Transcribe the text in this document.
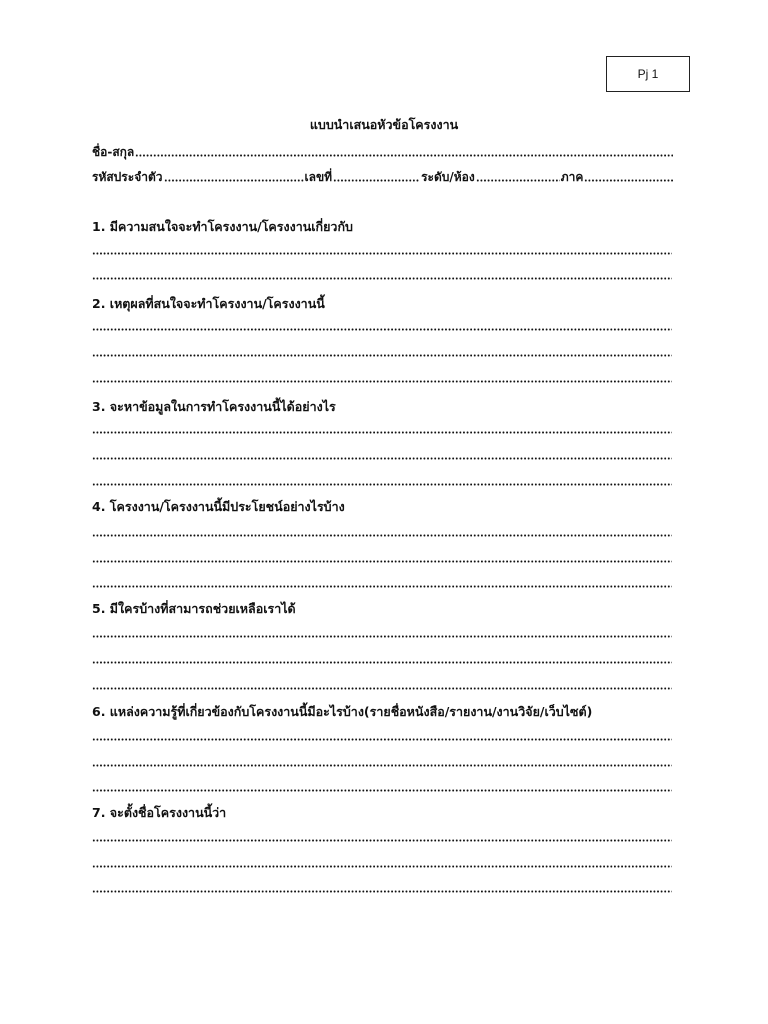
Pj 1
แบบนำเสนอหัวข้อโครงงาน
ชื่อ-สกุล
รหัสประจำตัว	เลขที่	ระดับ/ห้อง	ภาค
1. มีความสนใจจะทำโครงงาน/โครงงานเกี่ยวกับ
2. เหตุผลที่สนใจจะทำโครงงาน/โครงงานนี้
3. จะหาข้อมูลในการทำโครงงานนี้ได้อย่างไร
4. โครงงาน/โครงงานนี้มีประโยชน์อย่างไรบ้าง
5. มีใครบ้างที่สามารถช่วยเหลือเราได้
6. แหล่งความรู้ที่เกี่ยวข้องกับโครงงานนี้มีอะไรบ้าง(รายชื่อหนังสือ/รายงาน/งานวิจัย/เว็บไซต์)
7. จะตั้งชื่อโครงงานนี้ว่า
